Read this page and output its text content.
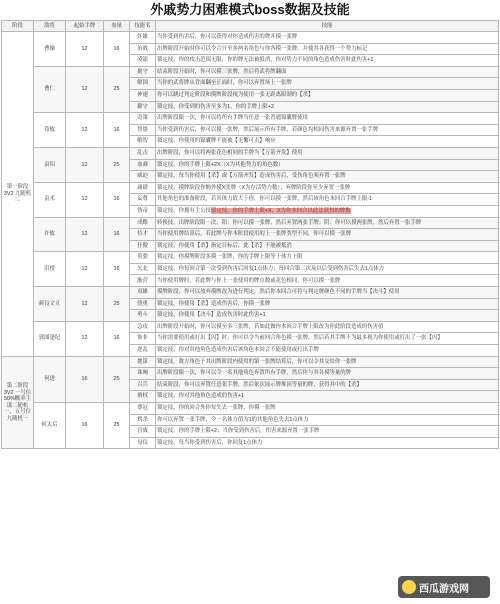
外戚势力困难模式boss数据及技能
阶段	敌将	起始手牌	血量	技能名	技能
第一阶段 3V2 九随机二	曹操	12	16	奸雄	当你受到伤害后，你可以获得对你造成伤害的牌并摸一张牌
				治战	出牌阶段开始时你可以令合计至多两名角色与你各摸一张牌，并使其各获得一个势力标记
				凌霜	锁定技，你的攻击范围无限，你的牌无法被抵消，你对势力不同的角色造成伤害时此伤害+1
	曹仁	12	25	据守	结束阶段开始时，你可以摸三张牌，然后将武将牌翻面
				解围	当你的武将牌从背面翻至正面时，你可以弃置场上一张牌
				神速	你可以跳过判定阶段和摸牌阶段视为使用一张无距离限制的【杀】
				御守	锁定技，你受到的伤害至多为1，你的手牌上限+2
	荀攸	12	16	奇策	出牌阶段限一次，你可以将所有手牌当任意一张普通锦囊牌使用
				智愚	当你受到伤害后，你可以摸一张牌，然后展示所有手牌，若颜色均相同伤害来源弃置一张手牌
				略智	锁定技，你使用的锦囊牌不能被【无懈可击】响应
	袁绍	12	25	乱击	出牌阶段，你可以将两张花色相同的手牌当【万箭齐发】使用
				血裔	锁定技，你的手牌上限+2X（X为其他势力的角色数）
				威迫	锁定技，每当你使用【杀】或【万箭齐发】造成伤害后，受伤角色须弃置一张牌
	袁术	12	16	庸肆	锁定技，摸牌阶段你额外摸X张牌（X为存活势力数）；弃牌阶段你至少弃置一张牌
				妄尊	其他角色的准备阶段，若其体力值大于你，你可以摸一张牌，然后该角色本回合手牌上限-1
				伪帝	锁定技，你拥有主公技锁定技，你的手牌上限+X，X为你本回合以此法获得的牌数
	许攸	12	16	成略	转换技，出牌阶段限一次，阳：你可以摸一张牌，然后弃置两张手牌；阴：你可以摸两张牌，然后弃置一张手牌
				恃才	当你使用牌结算后，若此牌与你本阶段使用的上一张牌类型不同，你可以摸一张牌
				狂傲	锁定技，你使用【杀】指定目标后，此【杀】不能被抵消
	沮授	12	16	英姿	锁定技，你摸牌阶段多摸一张牌，你的手牌上限等于体力上限
				矢北	锁定技，你每回合第一次受到伤害后回复1点体力；每回合第二次及以后受到伤害后失去1点体力
				渐营	当你使用牌时，若此牌与你上一张使用的牌点数或花色相同，你可以摸一张牌
	颜良文丑	12	25	双雄	摸牌阶段，你可以放弃摸牌改为进行判定，然后你本回合可将与判定牌颜色不同的手牌当【决斗】使用
				骁勇	锁定技，你使用【杀】造成伤害后，你摸一张牌
				勇斗	锁定技，你使用【决斗】造成伤害时此伤害+1
	郭图逢纪	12	16	急攻	出牌阶段开始时，你可以摸至多三张牌，若如此做你本回合手牌上限改为你此阶段造成的伤害值
				饰非	当你需要使用或打出【闪】时，你可以令当前回合角色摸一张牌，然后若其手牌不为最多视为你使用或打出了一张【闪】
				逆乱	锁定技，你对其他角色造成伤害后该角色本回合不能使用或打出手牌
第二阶段 3V2 一号位50%概率主谋二随机一，五号位九随机一	何进	16	25	挑谋	锁定技，敌方角色于其出牌阶段内使用的第一张牌结算后，你可以令其交给你一张牌
				诛阉	出牌阶段限一次，你可以令一名其他角色弃置所有手牌，然后你与其各摸等量的牌
				召兵	结束阶段，你可以弃置任意张手牌，然后依次展示牌堆顶等量的牌，获得其中的【杀】
				擅权	锁定技，你对其他角色造成的伤害+1
	何太后	16	25	尊冠	锁定技，你的回合外你每失去一张牌，你摸一张牌
				鸩杀	你可以弃置一张手牌，令一名体力值为1的其他角色失去1点体力
				宫威	锁定技，你的手牌上限+2；当你受到伤害后，伤害来源弃置一张手牌
				母仪	锁定技，每当你受到伤害后，你回复1点体力
西瓜游戏网
